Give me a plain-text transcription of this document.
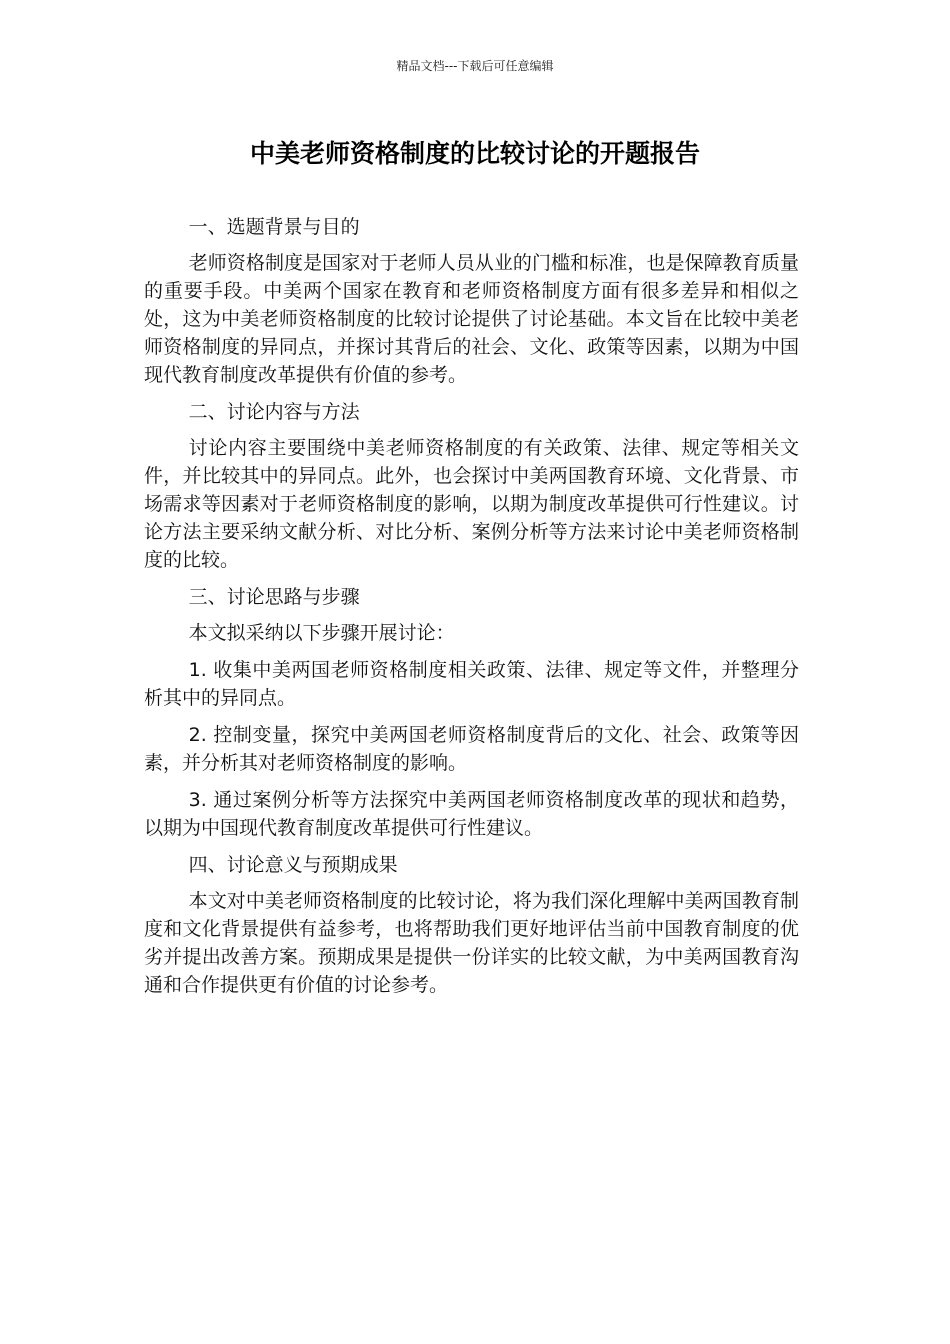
精品文档---下载后可任意编辑
中美老师资格制度的比较讨论的开题报告

一、选题背景与目的

老师资格制度是国家对于老师人员从业的门槛和标准，也是保障教育质量的重要手段。中美两个国家在教育和老师资格制度方面有很多差异和相似之处，这为中美老师资格制度的比较讨论提供了讨论基础。本文旨在比较中美老师资格制度的异同点，并探讨其背后的社会、文化、政策等因素，以期为中国现代教育制度改革提供有价值的参考。

二、讨论内容与方法

讨论内容主要围绕中美老师资格制度的有关政策、法律、规定等相关文件，并比较其中的异同点。此外，也会探讨中美两国教育环境、文化背景、市场需求等因素对于老师资格制度的影响，以期为制度改革提供可行性建议。讨论方法主要采纳文献分析、对比分析、案例分析等方法来讨论中美老师资格制度的比较。

三、讨论思路与步骤

本文拟采纳以下步骤开展讨论：

1. 收集中美两国老师资格制度相关政策、法律、规定等文件，并整理分析其中的异同点。

2. 控制变量，探究中美两国老师资格制度背后的文化、社会、政策等因素，并分析其对老师资格制度的影响。

3. 通过案例分析等方法探究中美两国老师资格制度改革的现状和趋势，以期为中国现代教育制度改革提供可行性建议。

四、讨论意义与预期成果

本文对中美老师资格制度的比较讨论，将为我们深化理解中美两国教育制度和文化背景提供有益参考，也将帮助我们更好地评估当前中国教育制度的优劣并提出改善方案。预期成果是提供一份详实的比较文献，为中美两国教育沟通和合作提供更有价值的讨论参考。
